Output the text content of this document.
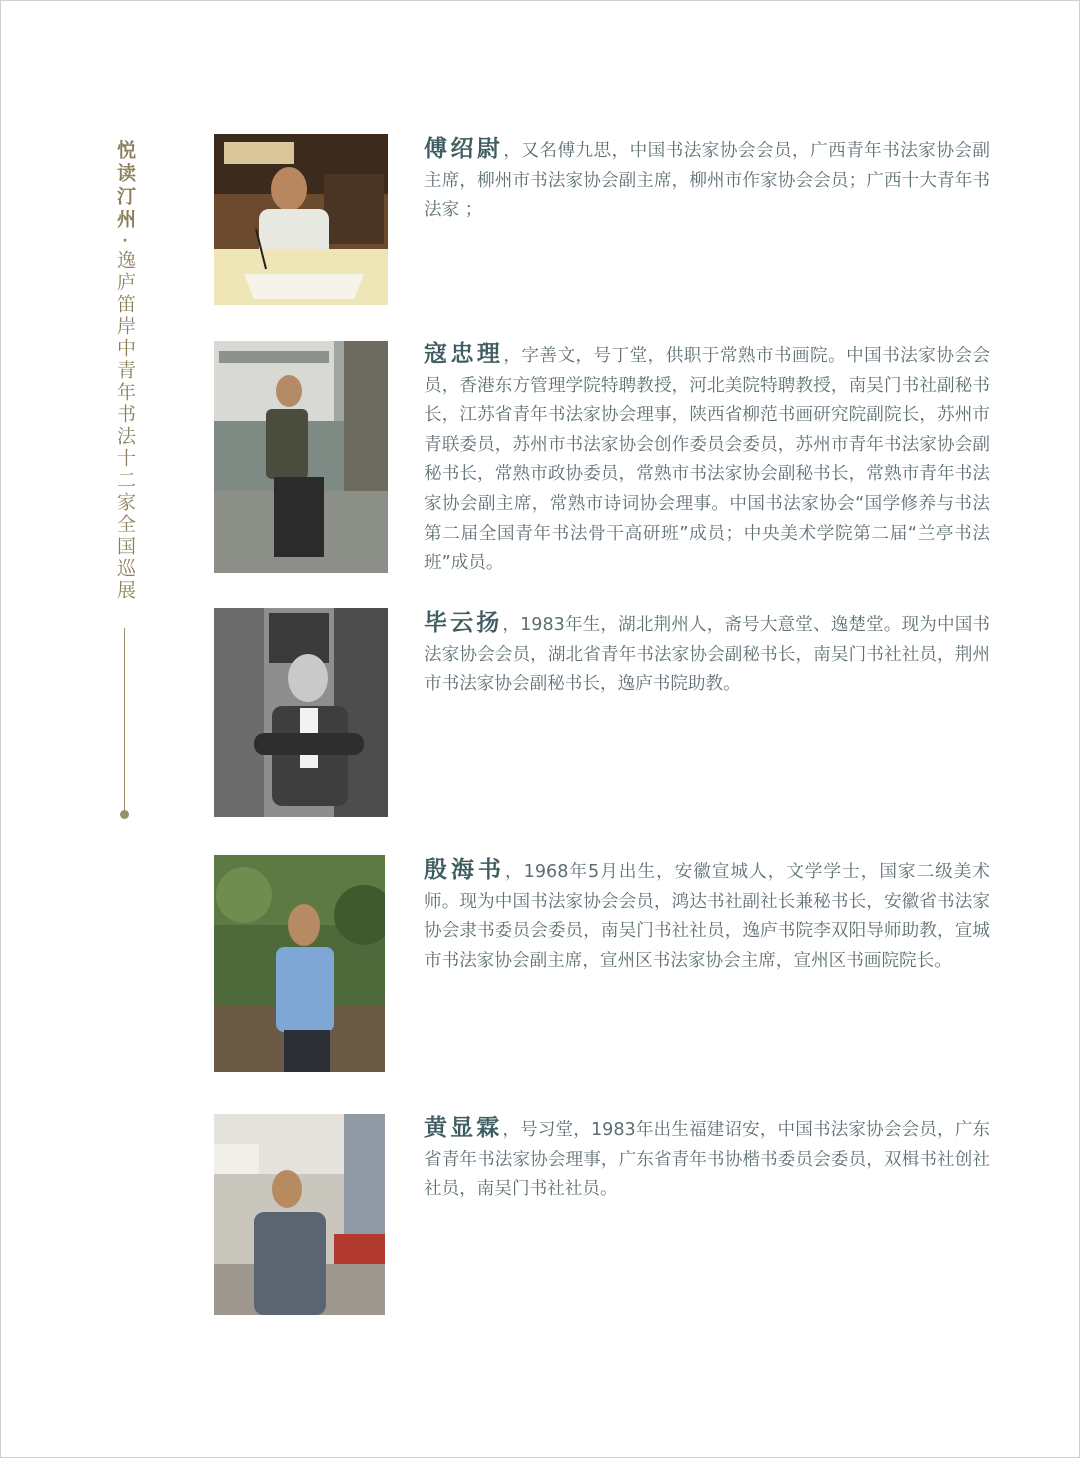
悦读汀州
·
逸庐笛岸中青年书法十二家全国巡展
傅绍尉，又名傅九思，中国书法家协会会员，广西青年书法家协会副主席，柳州市书法家协会副主席，柳州市作家协会会员；广西十大青年书法家 ；
寇忠理，字善文，号丁堂，供职于常熟市书画院。中国书法家协会会员，香港东方管理学院特聘教授，河北美院特聘教授，南吴门书社副秘书长，江苏省青年书法家协会理事，陕西省柳范书画研究院副院长，苏州市青联委员，苏州市书法家协会创作委员会委员，苏州市青年书法家协会副秘书长，常熟市政协委员，常熟市书法家协会副秘书长，常熟市青年书法家协会副主席，常熟市诗词协会理事。中国书法家协会“国学修养与书法第二届全国青年书法骨干高研班”成员；中央美术学院第二届“兰亭书法班”成员。
毕云扬，1983年生，湖北荆州人，斋号大意堂、逸楚堂。现为中国书法家协会会员，湖北省青年书法家协会副秘书长，南吴门书社社员，荆州市书法家协会副秘书长，逸庐书院助教。
殷海书，1968年5月出生，安徽宣城人，文学学士，国家二级美术师。现为中国书法家协会会员，鸿达书社副社长兼秘书长，安徽省书法家协会隶书委员会委员，南吴门书社社员，逸庐书院李双阳导师助教，宣城市书法家协会副主席，宣州区书法家协会主席，宣州区书画院院长。
黄显霖，号习堂，1983年出生福建诏安，中国书法家协会会员，广东省青年书法家协会理事，广东省青年书协楷书委员会委员，双楫书社创社社员，南吴门书社社员。
